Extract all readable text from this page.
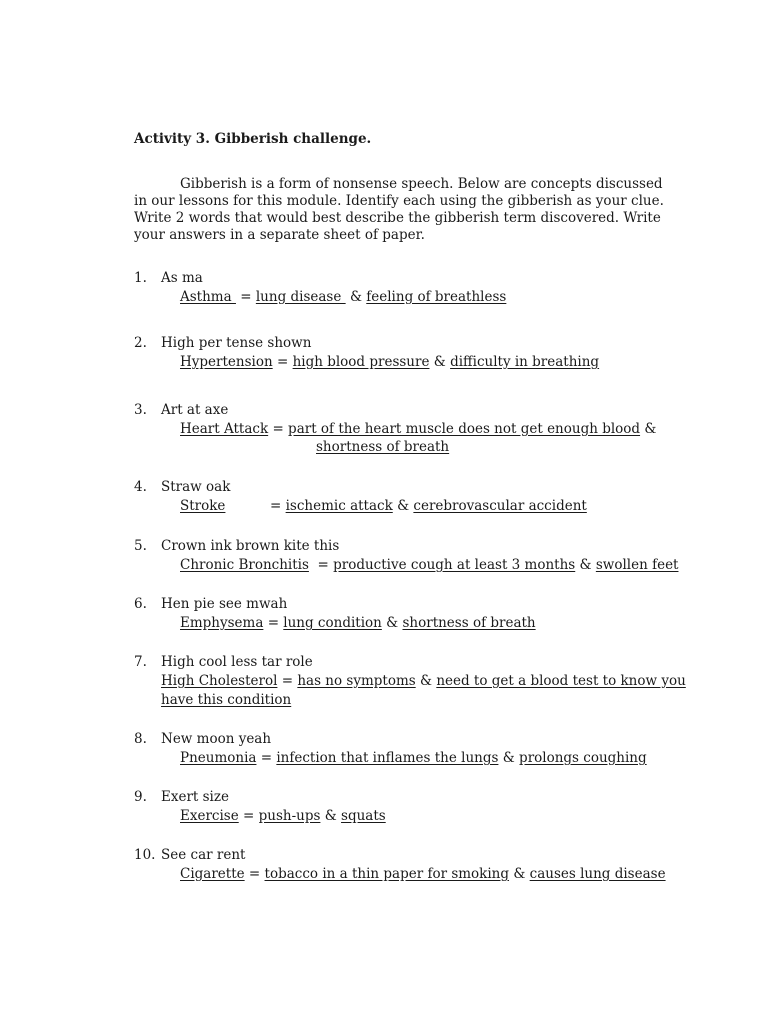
Activity 3. Gibberish challenge.

Gibberish is a form of nonsense speech. Below are concepts discussed
in our lessons for this module. Identify each using the gibberish as your clue.
Write 2 words that would best describe the gibberish term discovered. Write
your answers in a separate sheet of paper.

1. As ma
Asthma  = lung disease  & feeling of breathless
2. High per tense shown
Hypertension = high blood pressure & difficulty in breathing
3. Art at axe
Heart Attack = part of the heart muscle does not get enough blood &
shortness of breath
4. Straw oak
Stroke	= ischemic attack & cerebrovascular accident
5. Crown ink brown kite this
Chronic Bronchitis = productive cough at least 3 months & swollen feet
6. Hen pie see mwah
Emphysema = lung condition & shortness of breath
7. High cool less tar role
High Cholesterol = has no symptoms & need to get a blood test to know you
have this condition
8. New moon yeah
Pneumonia = infection that inflames the lungs & prolongs coughing
9. Exert size
Exercise = push-ups & squats
10. See car rent
Cigarette = tobacco in a thin paper for smoking & causes lung disease
